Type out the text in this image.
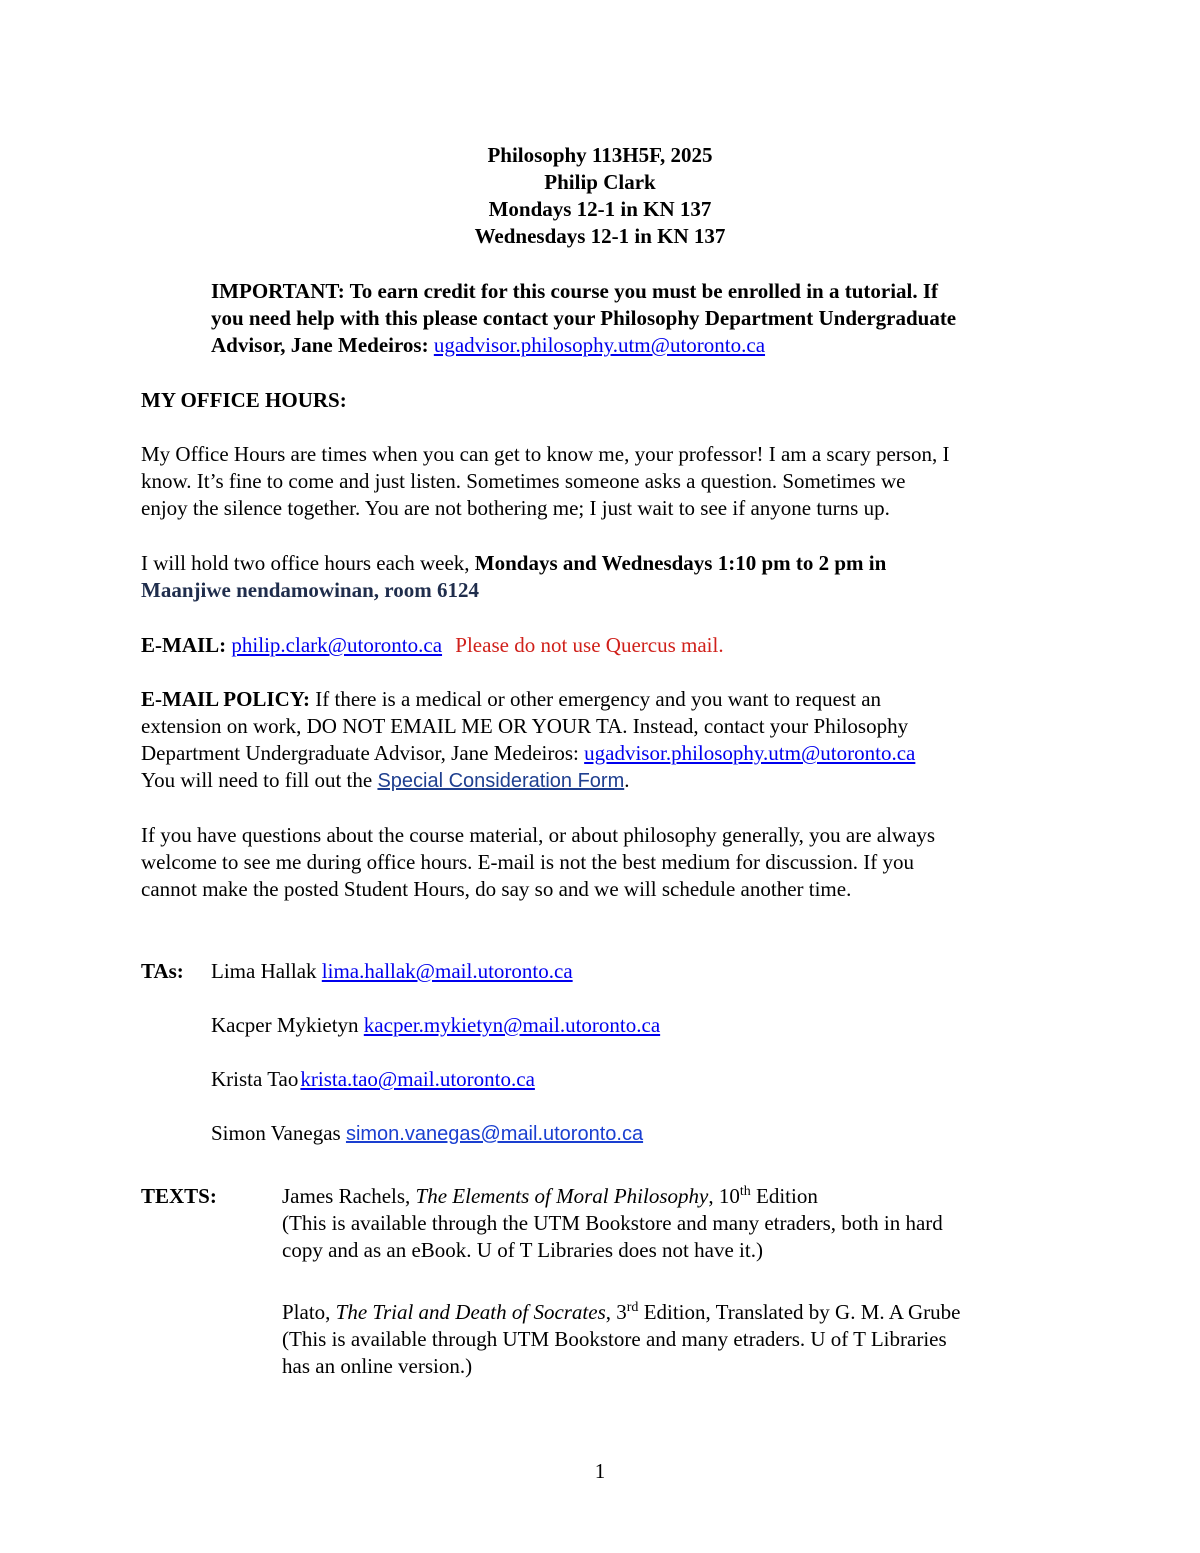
Philosophy 113H5F, 2025
Philip Clark
Mondays 12-1 in KN 137
Wednesdays 12-1 in KN 137
IMPORTANT: To earn credit for this course you must be enrolled in a tutorial. If
you need help with this please contact your Philosophy Department Undergraduate
Advisor, Jane Medeiros: ugadvisor.philosophy.utm@utoronto.ca
MY OFFICE HOURS:
My Office Hours are times when you can get to know me, your professor! I am a scary person, I
know. It’s fine to come and just listen. Sometimes someone asks a question. Sometimes we
enjoy the silence together. You are not bothering me; I just wait to see if anyone turns up.
I will hold two office hours each week, Mondays and Wednesdays 1:10 pm to 2 pm in
Maanjiwe nendamowinan, room 6124
E-MAIL: philip.clark@utoronto.ca Please do not use Quercus mail.
E-MAIL POLICY: If there is a medical or other emergency and you want to request an
extension on work, DO NOT EMAIL ME OR YOUR TA. Instead, contact your Philosophy
Department Undergraduate Advisor, Jane Medeiros: ugadvisor.philosophy.utm@utoronto.ca
You will need to fill out the Special Consideration Form.
If you have questions about the course material, or about philosophy generally, you are always
welcome to see me during office hours. E-mail is not the best medium for discussion. If you
cannot make the posted Student Hours, do say so and we will schedule another time.
TAs: Lima Hallak lima.hallak@mail.utoronto.ca
Kacper Mykietyn kacper.mykietyn@mail.utoronto.ca
Krista Taokrista.tao@mail.utoronto.ca
Simon Vanegas simon.vanegas@mail.utoronto.ca
TEXTS:	James Rachels, The Elements of Moral Philosophy, 10th Edition
(This is available through the UTM Bookstore and many etraders, both in hard
copy and as an eBook. U of T Libraries does not have it.)
Plato, The Trial and Death of Socrates, 3rd Edition, Translated by G. M. A Grube
(This is available through UTM Bookstore and many etraders. U of T Libraries
has an online version.)
1
